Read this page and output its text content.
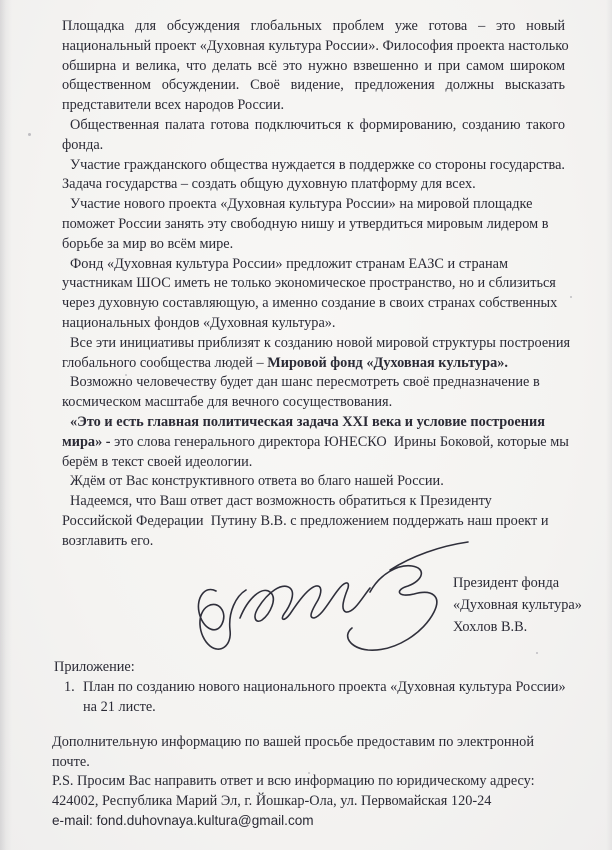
Площадка для обсуждения глобальных проблем уже готова – это новый
национальный проект «Духовная культура России». Философия проекта настолько
обширна и велика, что делать всё это нужно взвешенно и при самом широком
общественном обсуждении. Своё видение, предложения должны высказать
представители всех народов России.
Общественная палата готова подключиться к формированию, созданию такого
фонда.
Участие гражданского общества нуждается в поддержке со стороны государства.
Задача государства – создать общую духовную платформу для всех.
Участие нового проекта «Духовная культура России» на мировой площадке
поможет России занять эту свободную нишу и утвердиться мировым лидером в
борьбе за мир во всём мире.
Фонд «Духовная культура России» предложит странам ЕАЗС и странам
участникам ШОС иметь не только экономическое пространство, но и сблизиться
через духовную составляющую, а именно создание в своих странах собственных
национальных фондов «Духовная культура».
Все эти инициативы приблизят к созданию новой мировой структуры построения
глобального сообщества людей – Мировой фонд «Духовная культура».
Возможно человечеству будет дан шанс пересмотреть своё предназначение в
космическом масштабе для вечного сосуществования.
«Это и есть главная политическая задача XXI века и условие построения
мира» - это слова генерального директора ЮНЕСКО  Ирины Боковой, которые мы
берём в текст своей идеологии.
Ждём от Вас конструктивного ответа во благо нашей России.
Надеемся, что Ваш ответ даст возможность обратиться к Президенту
Российской Федерации  Путину В.В. с предложением поддержать наш проект и
возглавить его.
Президент фонда
«Духовная культура»
Хохлов В.В.
Приложение:
1. План по созданию нового национального проекта «Духовная культура России»
на 21 листе.
Дополнительную информацию по вашей просьбе предоставим по электронной
почте.
P.S. Просим Вас направить ответ и всю информацию по юридическому адресу:
424002, Республика Марий Эл, г. Йошкар-Ола, ул. Первомайская 120-24
e-mail: fond.duhovnaya.kultura@gmail.com
